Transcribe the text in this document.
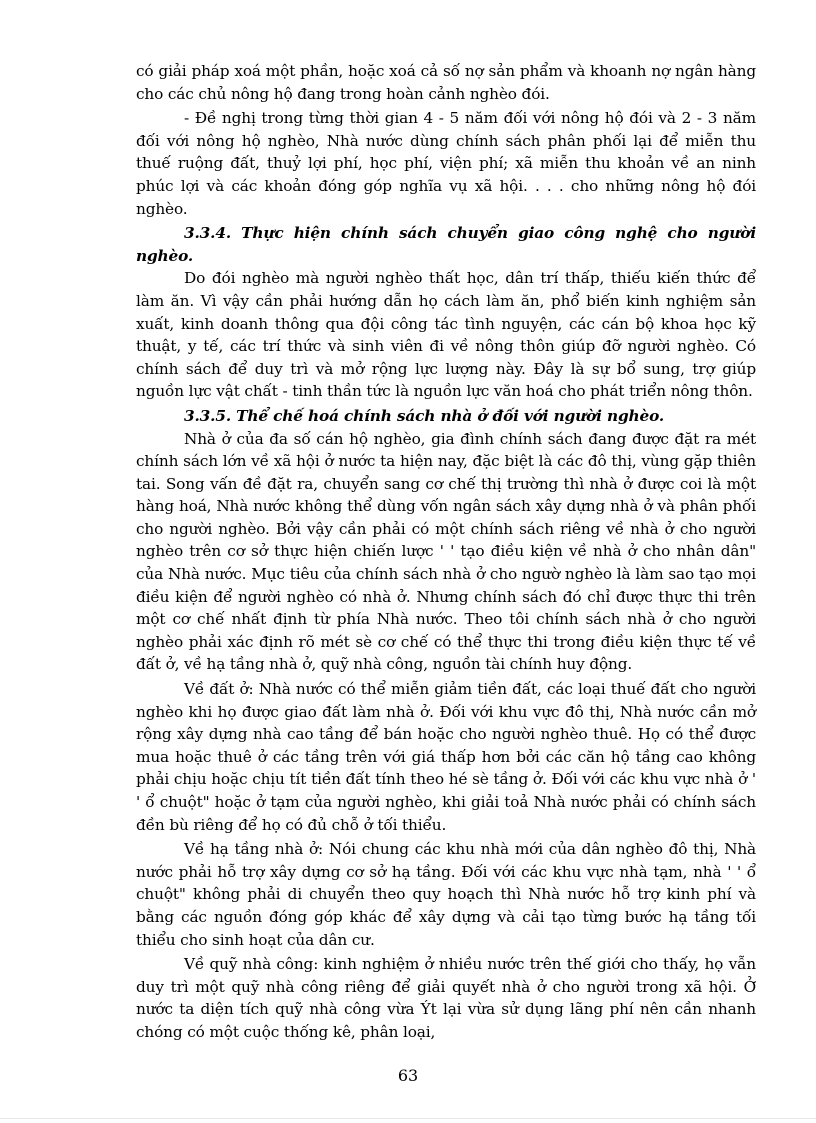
có giải pháp xoá một phần, hoặc xoá cả số nợ sản phẩm và khoanh nợ ngân hàng cho các chủ nông hộ đang trong hoàn cảnh nghèo đói.

- Đề nghị trong từng thời gian 4 - 5 năm đối với nông hộ đói và 2 - 3 năm đối với nông hộ nghèo, Nhà nước dùng chính sách phân phối lại để miễn thu thuế ruộng đất, thuỷ lợi phí, học phí, viện phí; xã miễn thu khoản về an ninh phúc lợi và các khoản đóng góp nghĩa vụ xã hội. . . . cho những nông hộ đói nghèo.

3.3.4. Thực hiện chính sách chuyển giao công nghệ cho người nghèo.

Do đói nghèo mà người nghèo thất học, dân trí thấp, thiếu kiến thức để làm ăn. Vì vậy cần phải hướng dẫn họ cách làm ăn, phổ biến kinh nghiệm sản xuất, kinh doanh thông qua đội công tác tình nguyện, các cán bộ khoa học kỹ thuật, y tế, các trí thức và sinh viên đi về nông thôn giúp đỡ người nghèo. Có chính sách để duy trì và mở rộng lực lượng này. Đây là sự bổ sung, trợ giúp nguồn lực vật chất - tinh thần tức là nguồn lực văn hoá cho phát triển nông thôn.

3.3.5. Thể chế hoá chính sách nhà ở đối với người nghèo.

Nhà ở của đa số cán hộ nghèo, gia đình chính sách đang được đặt ra mét chính sách lớn về xã hội ở nước ta hiện nay, đặc biệt là các đô thị, vùng gặp thiên tai. Song vấn đề đặt ra, chuyển sang cơ chế thị trường thì nhà ở được coi là một hàng hoá, Nhà nước không thể dùng vốn ngân sách xây dựng nhà ở và phân phối cho người nghèo. Bởi vậy cần phải có một chính sách riêng về nhà ở cho người nghèo trên cơ sở thực hiện chiến lược ' ' tạo điều kiện về nhà ở cho nhân dân" của Nhà nước. Mục tiêu của chính sách nhà ở cho ngườ nghèo là làm sao tạo mọi điều kiện để người nghèo có nhà ở. Nhưng chính sách đó chỉ được thực thi trên một cơ chế nhất định từ phía Nhà nước. Theo tôi chính sách nhà ở cho người nghèo phải xác định rõ mét sè cơ chế có thể thực thi trong điều kiện thực tế về đất ở, về hạ tầng nhà ở, quỹ nhà công, nguồn tài chính huy động.

Về đất ở: Nhà nước có thể miễn giảm tiền đất, các loại thuế đất cho người nghèo khi họ được giao đất làm nhà ở. Đối với khu vực đô thị, Nhà nước cần mở rộng xây dựng nhà cao tầng để bán hoặc cho người nghèo thuê. Họ có thể được mua hoặc thuê ở các tầng trên với giá thấp hơn bởi các căn hộ tầng cao không phải chịu hoặc chịu tít tiền đất tính theo hé sè tầng ở. Đối với các khu vực nhà ở ' ' ổ chuột" hoặc ở tạm của người nghèo, khi giải toả Nhà nước phải có chính sách đền bù riêng để họ có đủ chỗ ở tối thiểu.

Về hạ tầng nhà ở: Nói chung các khu nhà mới của dân nghèo đô thị, Nhà nước phải hỗ trợ xây dựng cơ sở hạ tầng. Đối với các khu vực nhà tạm, nhà ' ' ổ chuột" không phải di chuyển theo quy hoạch thì Nhà nước hỗ trợ kinh phí và bằng các nguồn đóng góp khác để xây dựng và cải tạo từng bước hạ tầng tối thiểu cho sinh hoạt của dân cư.

Về quỹ nhà công: kinh nghiệm ở nhiều nước trên thế giới cho thấy, họ vẫn duy trì một quỹ nhà công riêng để giải quyết nhà ở cho người trong xã hội. Ở nước ta diện tích quỹ nhà công vừa Ýt lại vừa sử dụng lãng phí nên cần nhanh chóng có một cuộc thống kê, phân loại,

63
